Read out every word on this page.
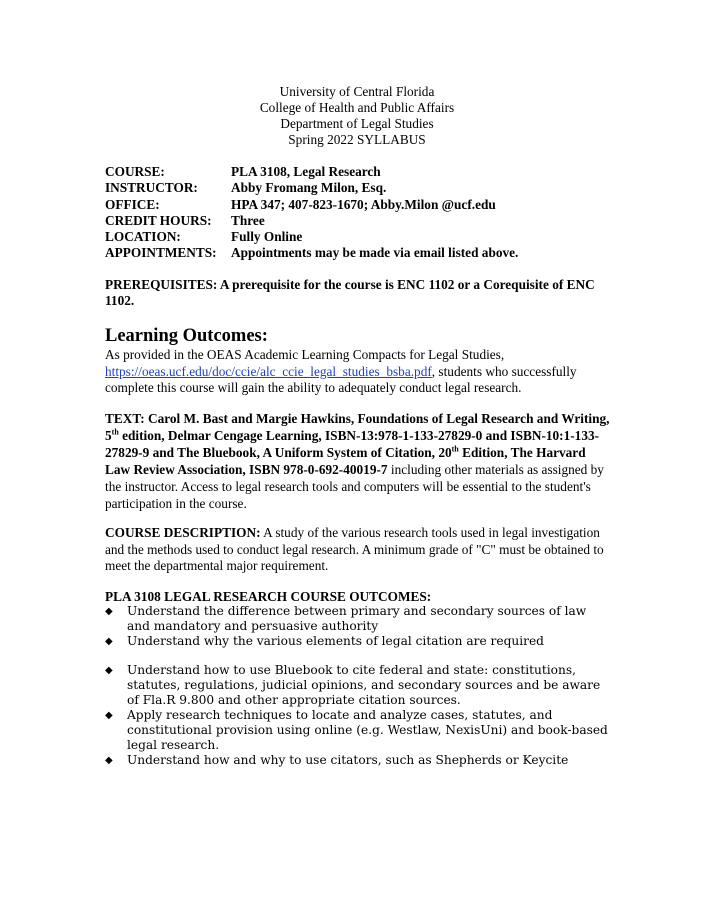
University of Central Florida
College of Health and Public Affairs
Department of Legal Studies
Spring 2022 SYLLABUS
COURSE:	PLA 3108, Legal Research
INSTRUCTOR:	Abby Fromang Milon, Esq.
OFFICE:	HPA 347; 407-823-1670; Abby.Milon @ucf.edu
CREDIT HOURS:	Three
LOCATION:	Fully Online
APPOINTMENTS:	Appointments may be made via email listed above.
PREREQUISITES: A prerequisite for the course is ENC 1102 or a Corequisite of ENC 1102.
Learning Outcomes:
As provided in the OEAS Academic Learning Compacts for Legal Studies, https://oeas.ucf.edu/doc/ccie/alc_ccie_legal_studies_bsba.pdf, students who successfully complete this course will gain the ability to adequately conduct legal research.
TEXT: Carol M. Bast and Margie Hawkins, Foundations of Legal Research and Writing, 5th edition, Delmar Cengage Learning, ISBN-13:978-1-133-27829-0 and ISBN-10:1-133-27829-9 and The Bluebook, A Uniform System of Citation, 20th Edition, The Harvard Law Review Association, ISBN 978-0-692-40019-7 including other materials as assigned by the instructor. Access to legal research tools and computers will be essential to the student's participation in the course.
COURSE DESCRIPTION: A study of the various research tools used in legal investigation and the methods used to conduct legal research. A minimum grade of "C" must be obtained to meet the departmental major requirement.
PLA 3108 LEGAL RESEARCH COURSE OUTCOMES:
◆ Understand the difference between primary and secondary sources of law and mandatory and persuasive authority
◆ Understand why the various elements of legal citation are required
◆ Understand how to use Bluebook to cite federal and state: constitutions, statutes, regulations, judicial opinions, and secondary sources and be aware of Fla.R 9.800 and other appropriate citation sources.
◆ Apply research techniques to locate and analyze cases, statutes, and constitutional provision using online (e.g. Westlaw, NexisUni) and book-based legal research.
◆ Understand how and why to use citators, such as Shepherds or Keycite
